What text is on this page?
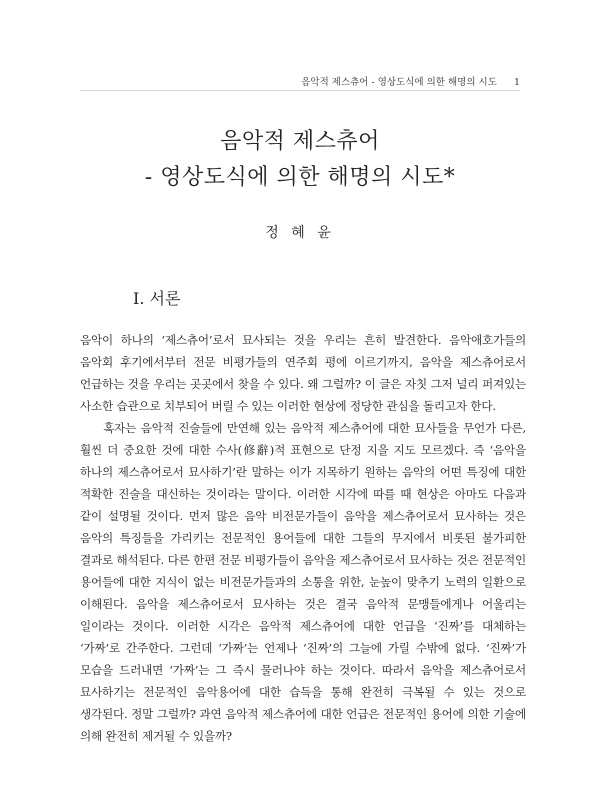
음악적 제스츄어 - 영상도식에 의한 해명의 시도 1
음악적 제스츄어
- 영상도식에 의한 해명의 시도*
정 혜 윤
I. 서론

음악이 하나의 ‘제스츄어’로서 묘사되는 것을 우리는 흔히 발견한다. 음악애호가들의 음악회 후기에서부터 전문 비평가들의 연주회 평에 이르기까지, 음악을 제스츄어로서 언급하는 것을 우리는 곳곳에서 찾을 수 있다. 왜 그럴까? 이 글은 자칫 그저 널리 퍼져있는 사소한 습관으로 치부되어 버릴 수 있는 이러한 현상에 정당한 관심을 돌리고자 한다.

혹자는 음악적 진술들에 만연해 있는 음악적 제스츄어에 대한 묘사들을 무언가 다른, 훨씬 더 중요한 것에 대한 수사(修辭)적 표현으로 단정 지을 지도 모르겠다. 즉 ‘음악을 하나의 제스츄어로서 묘사하기’란 말하는 이가 지목하기 원하는 음악의 어떤 특징에 대한 적확한 진술을 대신하는 것이라는 말이다. 이러한 시각에 따를 때 현상은 아마도 다음과 같이 설명될 것이다. 먼저 많은 음악 비전문가들이 음악을 제스츄어로서 묘사하는 것은 음악의 특징들을 가리키는 전문적인 용어들에 대한 그들의 무지에서 비롯된 불가피한 결과로 해석된다. 다른 한편 전문 비평가들이 음악을 제스츄어로서 묘사하는 것은 전문적인 용어들에 대한 지식이 없는 비전문가들과의 소통을 위한, 눈높이 맞추기 노력의 일환으로 이해된다. 음악을 제스츄어로서 묘사하는 것은 결국 음악적 문맹들에게나 어울리는 일이라는 것이다. 이러한 시각은 음악적 제스츄어에 대한 언급을 ‘진짜’를 대체하는 ‘가짜’로 간주한다. 그런데 ‘가짜’는 언제나 ‘진짜’의 그늘에 가릴 수밖에 없다. ‘진짜’가 모습을 드러내면 ‘가짜’는 그 즉시 물러나야 하는 것이다. 따라서 음악을 제스츄어로서 묘사하기는 전문적인 음악용어에 대한 습득을 통해 완전히 극복될 수 있는 것으로 생각된다. 정말 그럴까? 과연 음악적 제스츄어에 대한 언급은 전문적인 용어에 의한 기술에 의해 완전히 제거될 수 있을까?
